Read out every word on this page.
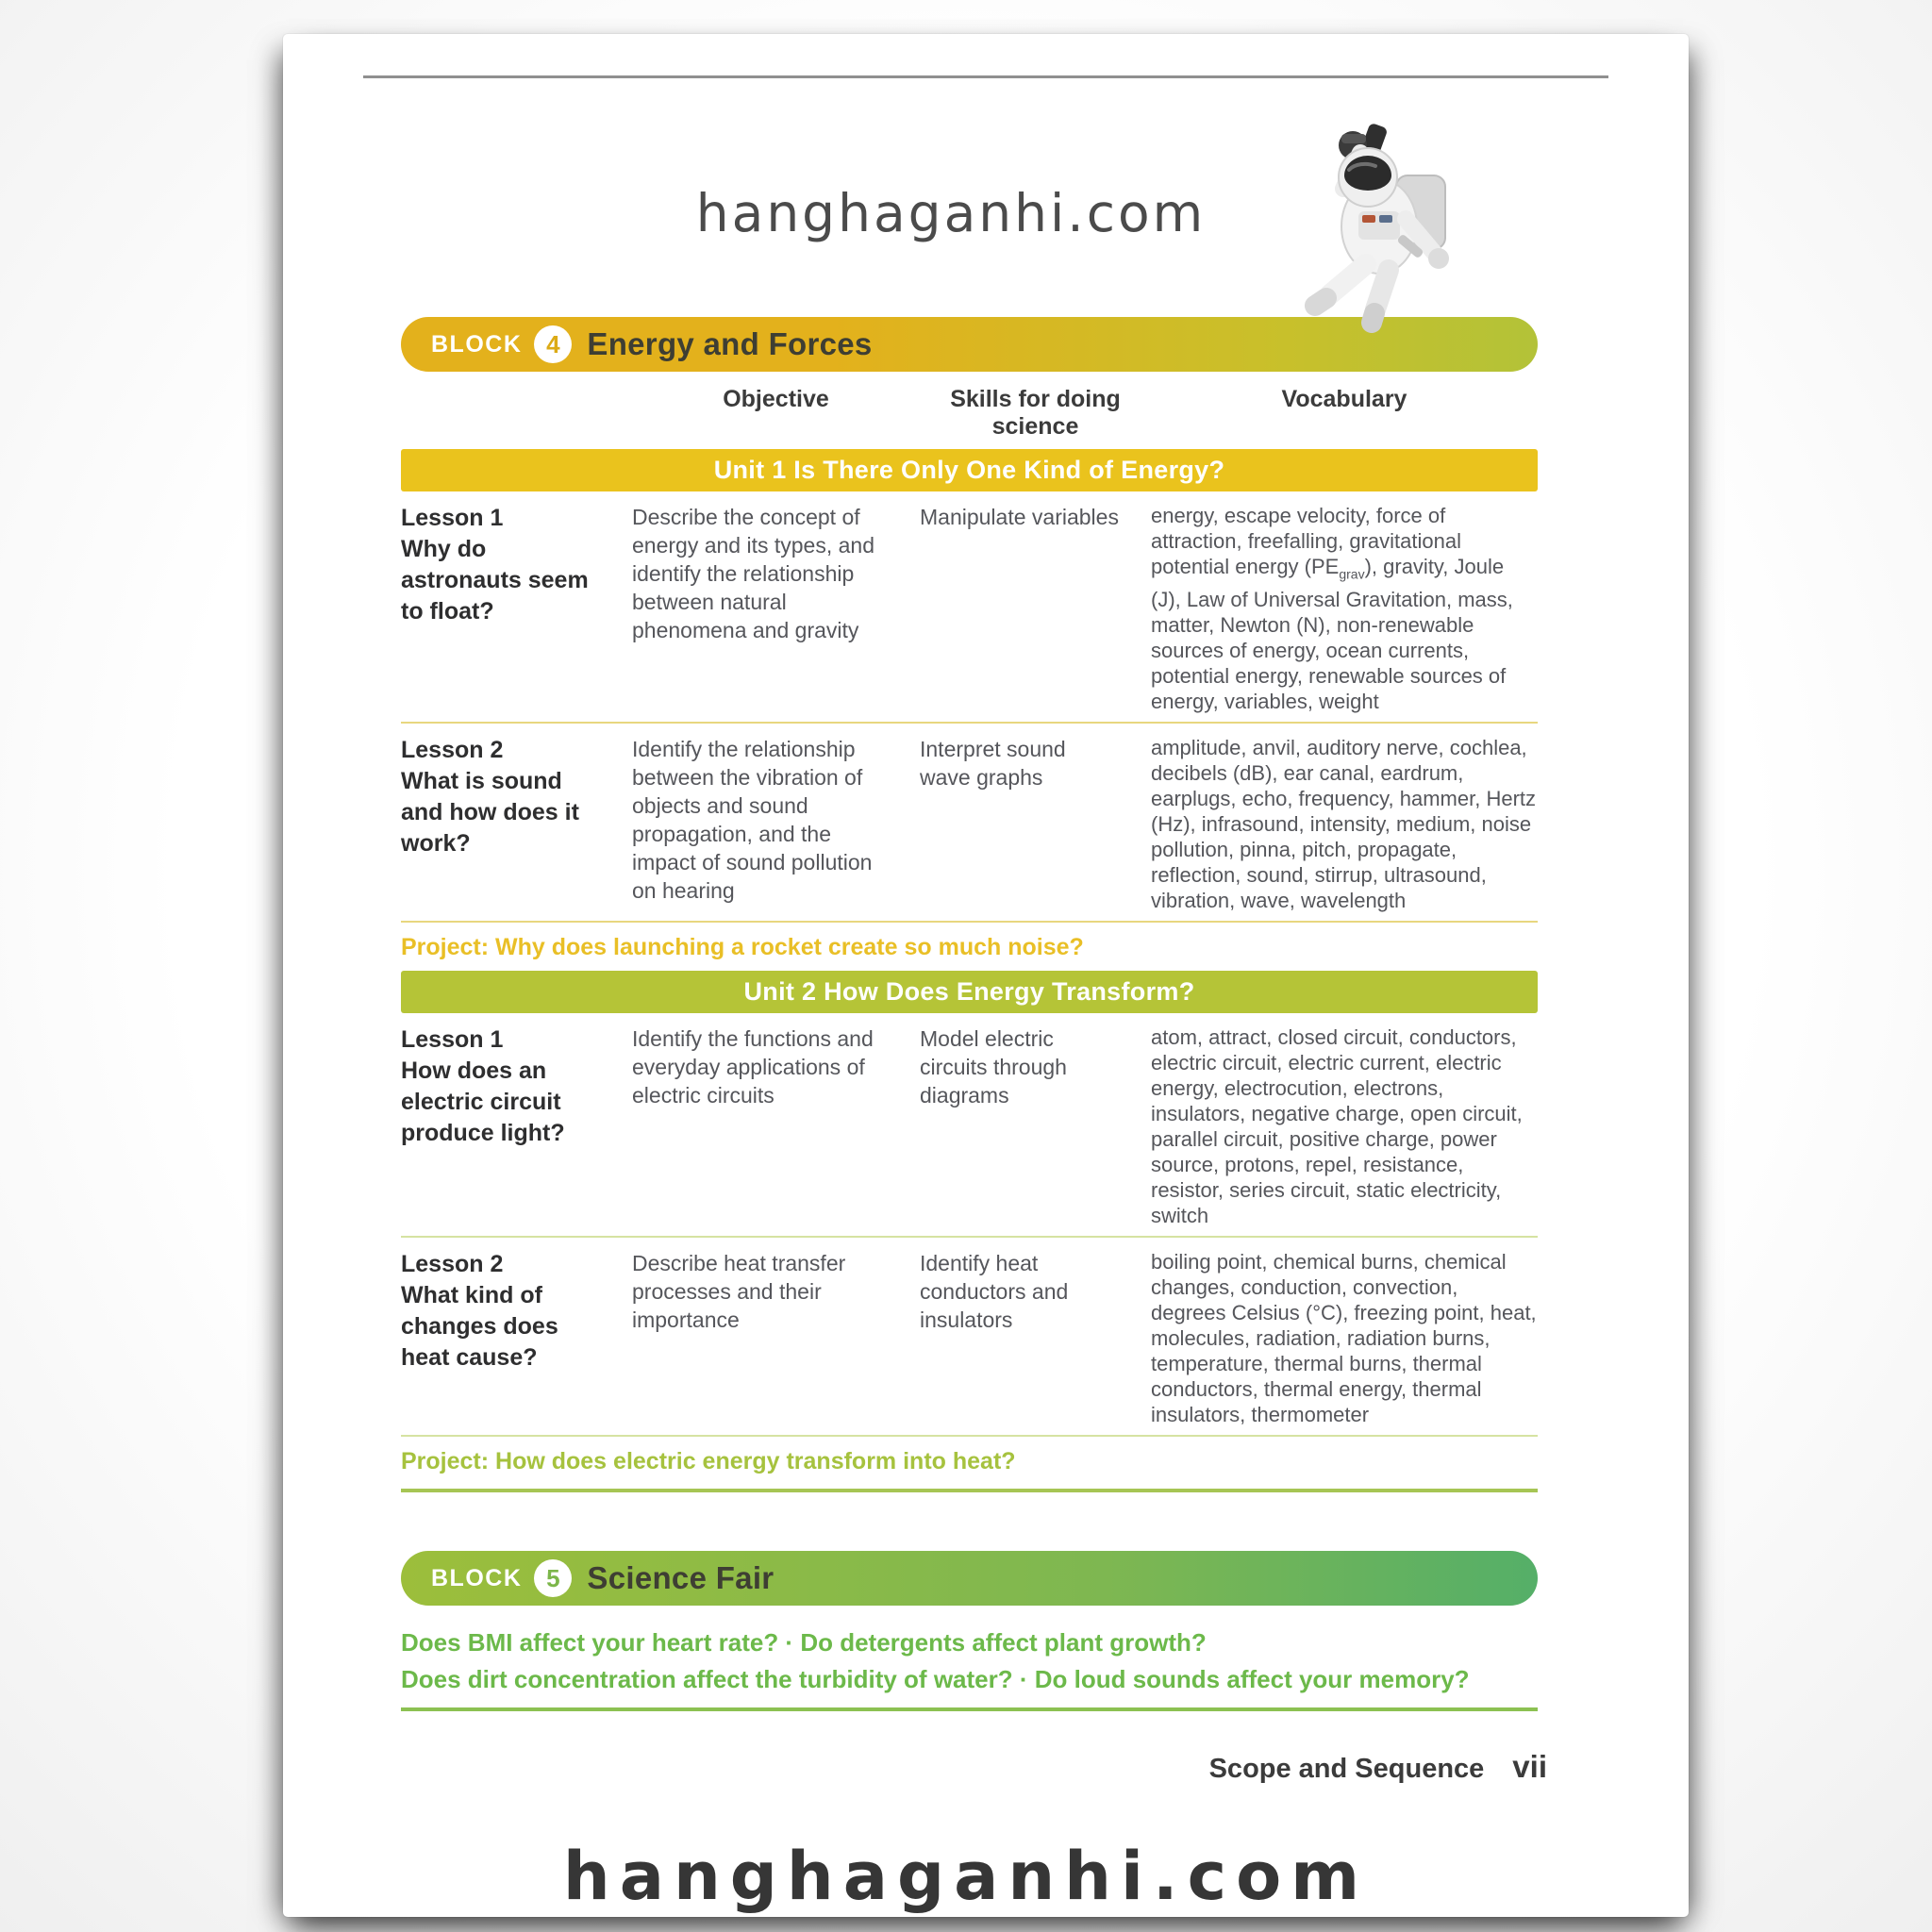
hanghaganhi.com
BLOCK 4 Energy and Forces
Objective	Skills for doing science
Vocabulary
Unit 1 Is There Only One Kind of Energy?
Lesson 1
Why do astronauts seem to float?
Describe the concept of energy and its types, and identify the relationship between natural phenomena and gravity
Manipulate variables	energy, escape velocity, force of attraction, freefalling, gravitational potential energy $(PE_{grav})$, gravity, Joule (J), Law of Universal Gravitation, mass, matter, Newton (N), non-renewable sources of energy, ocean currents, potential energy, renewable sources of energy, variables, weight
Lesson 2
What is sound and how does it work?
Identify the relationship between the vibration of objects and sound propagation, and the impact of sound pollution on hearing
Interpret sound wave graphs
amplitude, anvil, auditory nerve, cochlea, decibels (dB), ear canal, eardrum, earplugs, echo, frequency, hammer, Hertz (Hz), infrasound, intensity, medium, noise pollution, pinna, pitch, propagate, reflection, sound, stirrup, ultrasound, vibration, wave, wavelength
Project: Why does launching a rocket create so much noise?
Unit 2 How Does Energy Transform?
Lesson 1
How does an electric circuit produce light?
Identify the functions and everyday applications of electric circuits
Model electric circuits through diagrams
atom, attract, closed circuit, conductors, electric circuit, electric current, electric energy, electrocution, electrons, insulators, negative charge, open circuit, parallel circuit, positive charge, power source, protons, repel, resistance, resistor, series circuit, static electricity, switch
Lesson 2
What kind of changes does heat cause?
Describe heat transfer processes and their importance
Identify heat conductors and insulators
boiling point, chemical burns, chemical changes, conduction, convection, degrees Celsius (°C), freezing point, heat, molecules, radiation, radiation burns, temperature, thermal burns, thermal conductors, thermal energy, thermal insulators, thermometer
Project: How does electric energy transform into heat?
BLOCK 5 Science Fair
Does BMI affect your heart rate? · Do detergents affect plant growth?
Does dirt concentration affect the turbidity of water? · Do loud sounds affect your memory?
Scope and Sequence vii
hanghaganhi.com
